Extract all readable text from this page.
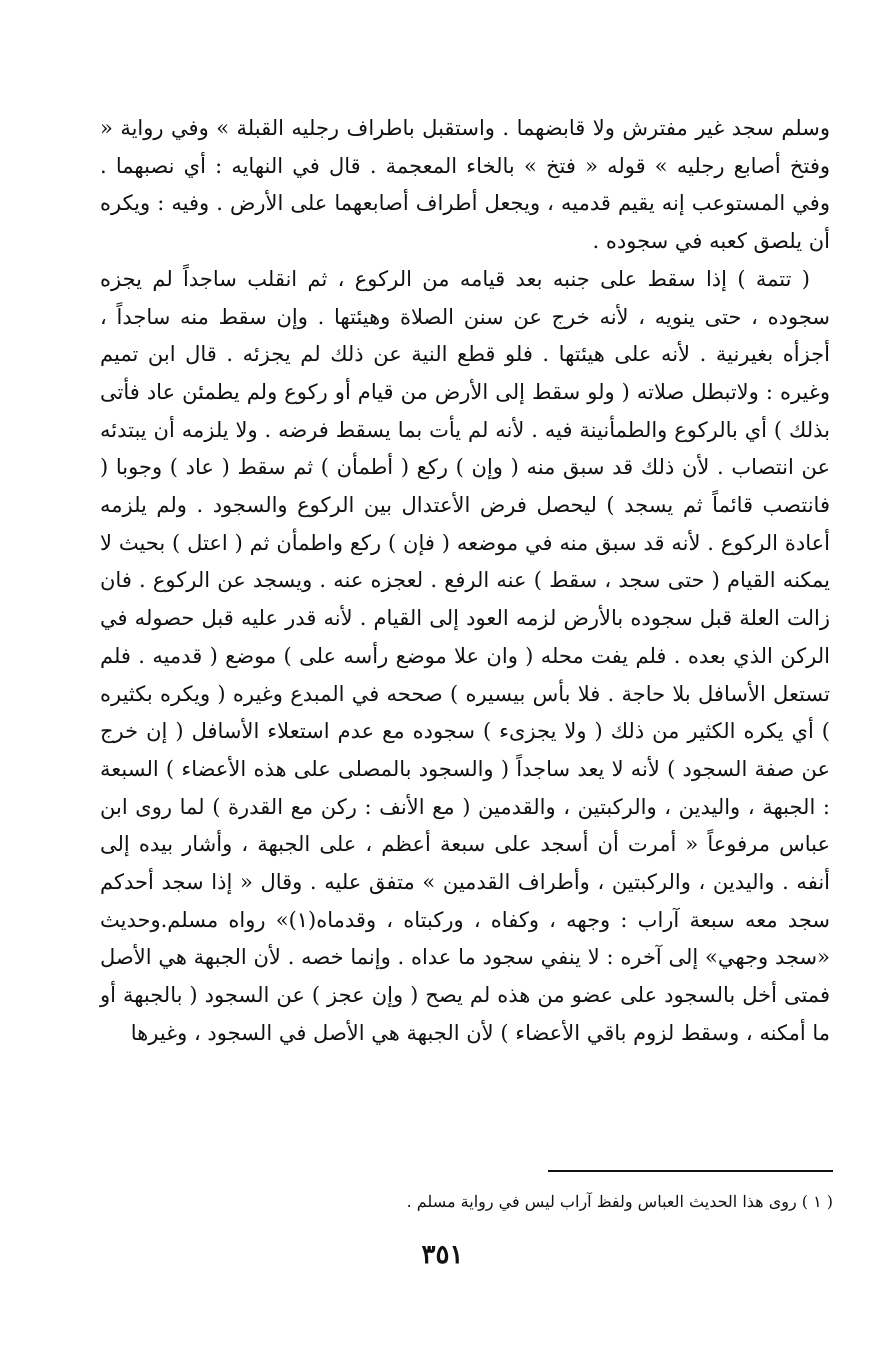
وسلم سجد غير مفترش ولا قابضهما . واستقبل باطراف رجليه القبلة » وفي رواية « وفتخ أصابع رجليه » قوله « فتخ » بالخاء المعجمة . قال في النهايه : أي نصبهما . وفي المستوعب إنه يقيم قدميه ، ويجعل أطراف أصابعهما على الأرض . وفيه : ويكره أن يلصق كعبه في سجوده .

( تتمة ) إذا سقط على جنبه بعد قيامه من الركوع ، ثم انقلب ساجداً لم يجزه سجوده ، حتى ينويه ، لأنه خرج عن سنن الصلاة وهيئتها . وإن سقط منه ساجداً ، أجزأه بغيرنية . لأنه على هيئتها . فلو قطع النية عن ذلك لم يجزئه . قال ابن تميم وغيره : ولاتبطل صلاته ( ولو سقط إلى الأرض من قيام أو ركوع ولم يطمئن عاد فأتى بذلك ) أي بالركوع والطمأنينة فيه . لأنه لم يأت بما يسقط فرضه . ولا يلزمه أن يبتدئه عن انتصاب . لأن ذلك قد سبق منه ( وإن ) ركع ( أطمأن ) ثم سقط ( عاد ) وجوبا ( فانتصب قائماً ثم يسجد ) ليحصل فرض الأعتدال بين الركوع والسجود . ولم يلزمه أعادة الركوع . لأنه قد سبق منه في موضعه ( فإن ) ركع واطمأن ثم ( اعتل ) بحيث لا يمكنه القيام ( حتى سجد ، سقط ) عنه الرفع . لعجزه عنه . ويسجد عن الركوع . فان زالت العلة قبل سجوده بالأرض لزمه العود إلى القيام . لأنه قدر عليه قبل حصوله في الركن الذي بعده . فلم يفت محله ( وان علا موضع رأسه على ) موضع ( قدميه . فلم تستعل الأسافل بلا حاجة . فلا بأس بيسيره ) صححه في المبدع وغيره ( ويكره بكثيره ) أي يكره الكثير من ذلك ( ولا يجزىء ) سجوده مع عدم استعلاء الأسافل ( إن خرج عن صفة السجود ) لأنه لا يعد ساجداً ( والسجود بالمصلى على هذه الأعضاء ) السبعة : الجبهة ، واليدين ، والركبتين ، والقدمين ( مع الأنف : ركن مع القدرة ) لما روى ابن عباس مرفوعاً « أمرت أن أسجد على سبعة أعظم ، على الجبهة ، وأشار بيده إلى أنفه . واليدين ، والركبتين ، وأطراف القدمين » متفق عليه . وقال « إذا سجد أحدكم سجد معه سبعة آراب : وجهه ، وكفاه ، وركبتاه ، وقدماه(١)» رواه مسلم.وحديث «سجد وجهي» إلى آخره : لا ينفي سجود ما عداه . وإنما خصه . لأن الجبهة هي الأصل فمتى أخل بالسجود على عضو من هذه لم يصح ( وإن عجز ) عن السجود ( بالجبهة أو ما أمكنه ، وسقط لزوم باقي الأعضاء ) لأن الجبهة هي الأصل في السجود ، وغيرها

( ١ ) روى هذا الحديث العباس ولفظ آراب ليس في رواية مسلم .
٣٥١
